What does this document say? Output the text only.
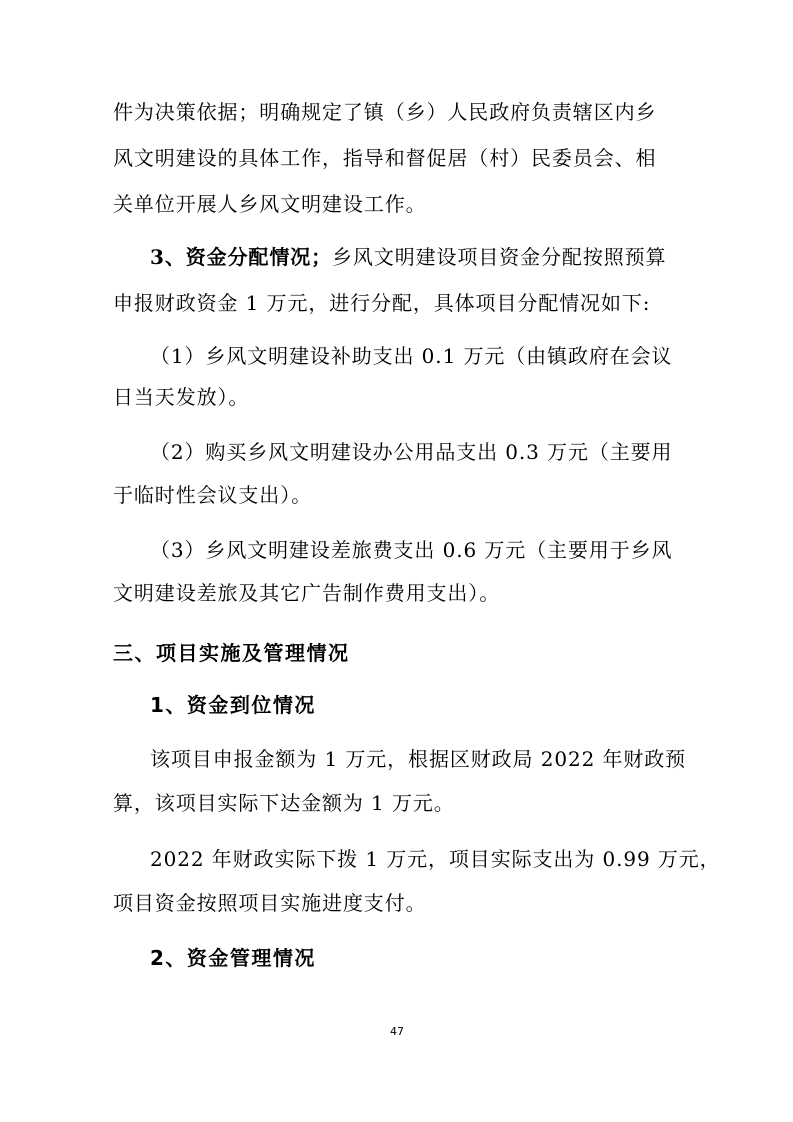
件为决策依据；明确规定了镇（乡）人民政府负责辖区内乡
风文明建设的具体工作，指导和督促居（村）民委员会、相
关单位开展人乡风文明建设工作。
3、资金分配情况；乡风文明建设项目资金分配按照预算
申报财政资金 1 万元，进行分配，具体项目分配情况如下:
（1）乡风文明建设补助支出 0.1 万元（由镇政府在会议
日当天发放）。
（2）购买乡风文明建设办公用品支出 0.3 万元（主要用
于临时性会议支出）。
（3）乡风文明建设差旅费支出 0.6 万元（主要用于乡风
文明建设差旅及其它广告制作费用支出）。
三、项目实施及管理情况
1、资金到位情况
该项目申报金额为 1 万元，根据区财政局 2022 年财政预
算，该项目实际下达金额为 1 万元。
2022 年财政实际下拨 1 万元，项目实际支出为 0.99 万元，
项目资金按照项目实施进度支付。
2、资金管理情况
47
